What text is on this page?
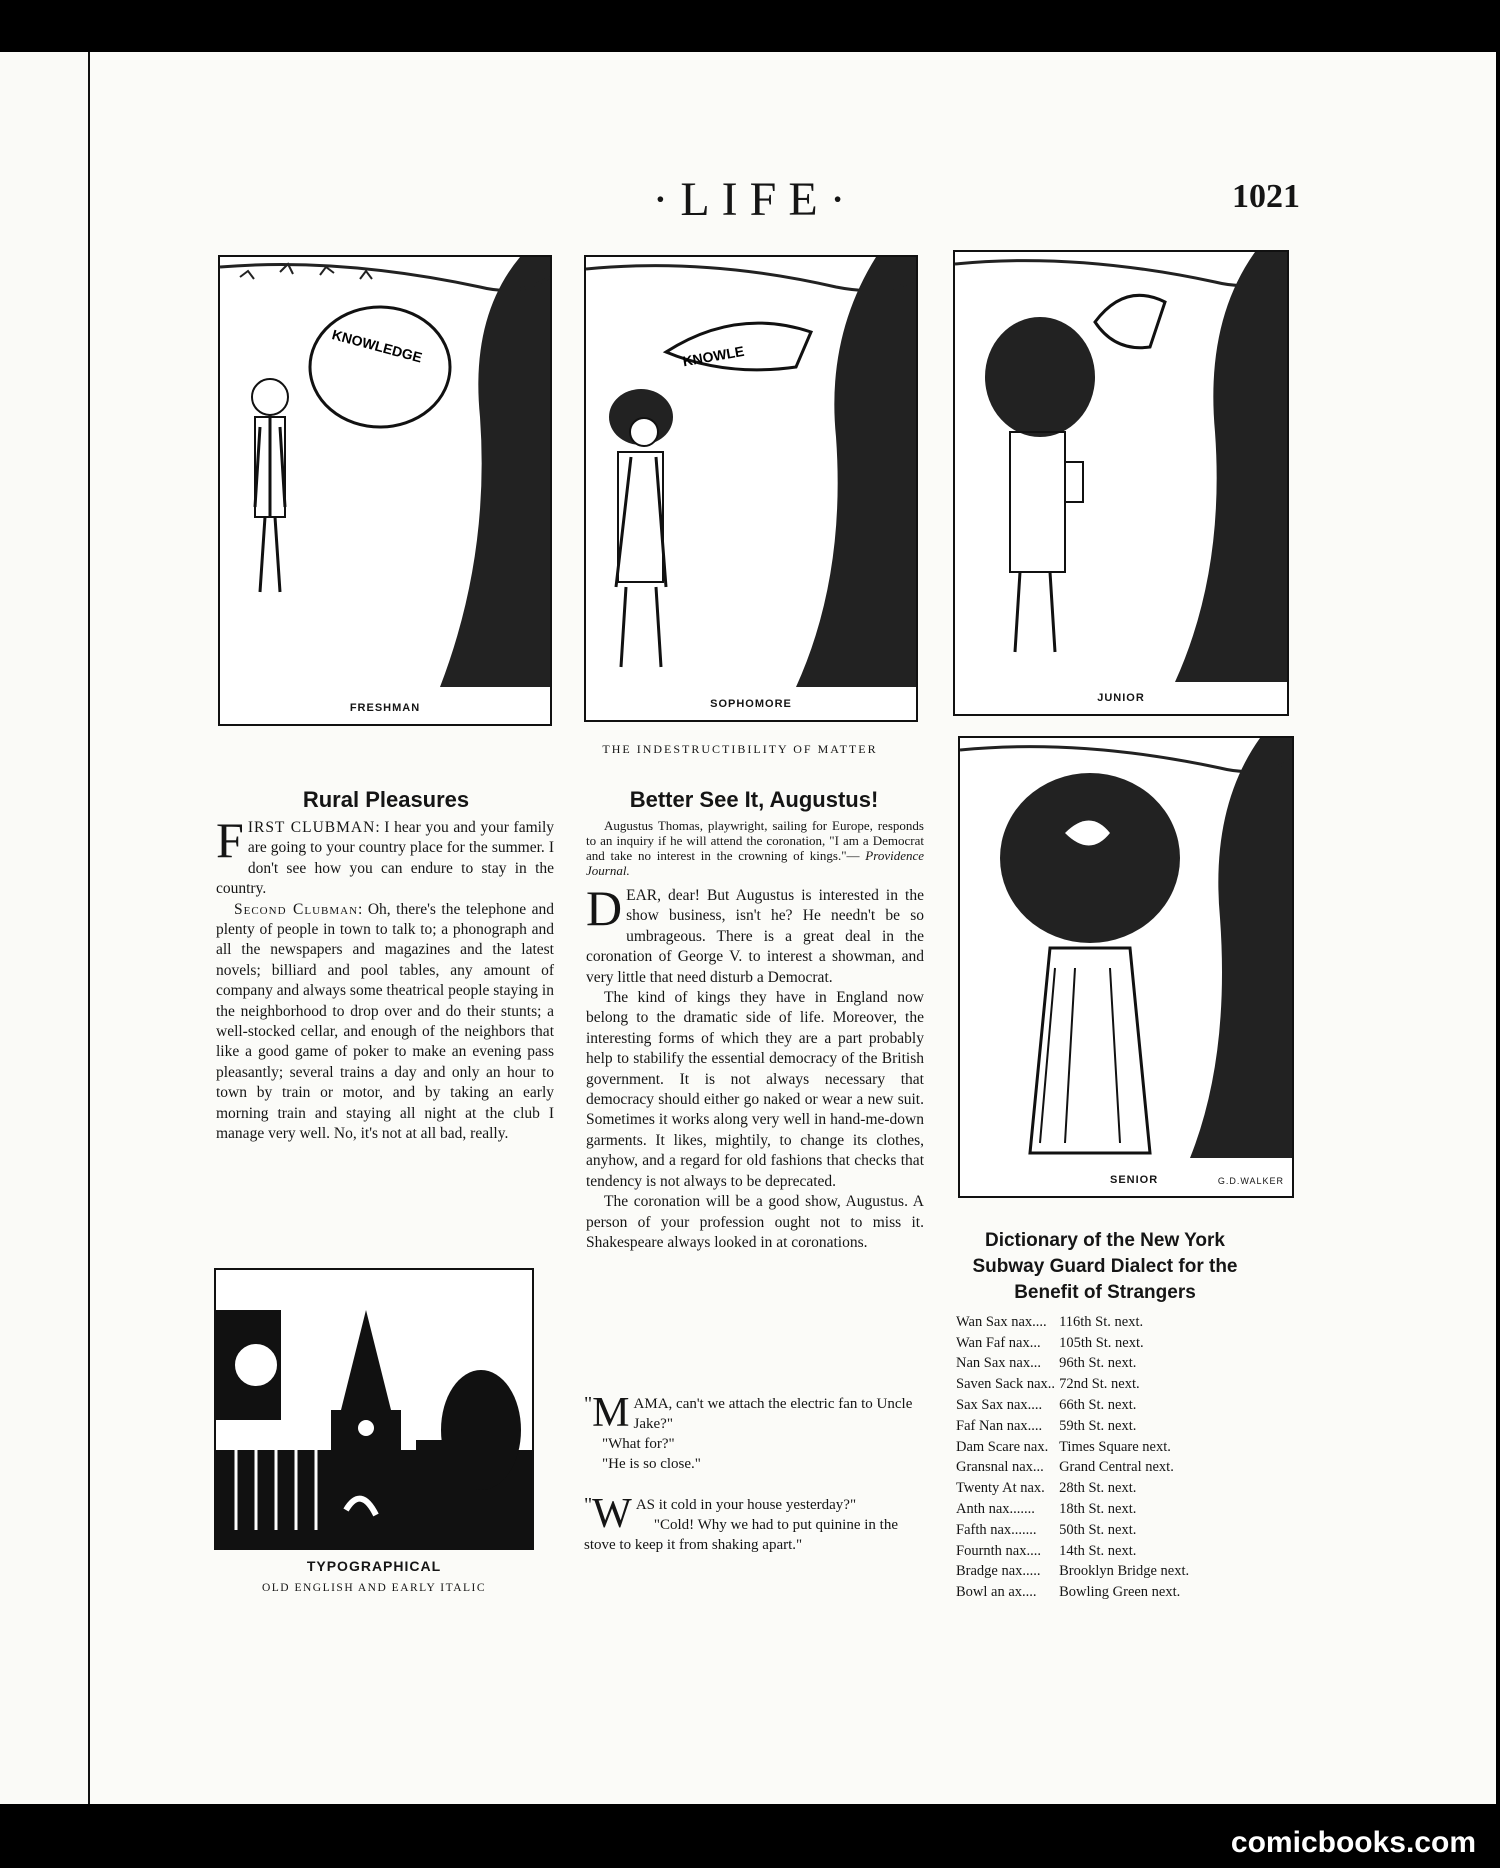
·LIFE·	1021
KNOWLEDGE
FRESHMAN
KNOWLE
SOPHOMORE	JUNIOR
SENIOR	G.D.WALKER
THE INDESTRUCTIBILITY OF MATTER
Rural Pleasures

FIRST CLUBMAN: I hear you and your family are going to your country place for the summer. I don't see how you can endure to stay in the country.

Second Clubman: Oh, there's the telephone and plenty of people in town to talk to; a phonograph and all the newspapers and magazines and the latest novels; billiard and pool tables, any amount of company and always some theatrical people staying in the neighborhood to drop over and do their stunts; a well-stocked cellar, and enough of the neighbors that like a good game of poker to make an evening pass pleasantly; several trains a day and only an hour to town by train or motor, and by taking an early morning train and staying all night at the club I manage very well. No, it's not at all bad, really.

TYPOGRAPHICAL
OLD ENGLISH AND EARLY ITALIC
Better See It, Augustus!
Augustus Thomas, playwright, sailing for Europe, responds to an inquiry if he will attend the coronation, "I am a Democrat and take no interest in the crowning of kings."— Providence Journal.

DEAR, dear! But Augustus is interested in the show business, isn't he? He needn't be so umbrageous. There is a great deal in the coronation of George V. to interest a showman, and very little that need disturb a Democrat.

The kind of kings they have in England now belong to the dramatic side of life. Moreover, the interesting forms of which they are a part probably help to stabilify the essential democracy of the British government. It is not always necessary that democracy should either go naked or wear a new suit. Sometimes it works along very well in hand-me-down garments. It likes, mightily, to change its clothes, anyhow, and a regard for old fashions that checks that tendency is not always to be deprecated.

The coronation will be a good show, Augustus. A person of your profession ought not to miss it. Shakespeare always looked in at coronations.

" M AMA, can't we attach the electric fan to Uncle Jake?"
"What for?"
"He is so close."
" W AS it cold in your house yesterday?"
"Cold! Why we had to put quinine in the stove to keep it from shaking apart."
Dictionary of the New York Subway Guard Dialect for the Benefit of Strangers
Wan Sax nax....	116th St. next.
Wan Faf nax...	105th St. next.
Nan Sax nax...	96th St. next.
Saven Sack nax..	72nd St. next.
Sax Sax nax....	66th St. next.
Faf Nan nax....	59th St. next.
Dam Scare nax.	Times Square next.
Gransnal nax...	Grand Central next.
Twenty At nax.	28th St. next.
Anth nax.......	18th St. next.
Fafth nax.......	50th St. next.
Fournth nax....	14th St. next.
Bradge nax.....	Brooklyn Bridge next.
Bowl an ax....	Bowling Green next.
comicbooks.com
